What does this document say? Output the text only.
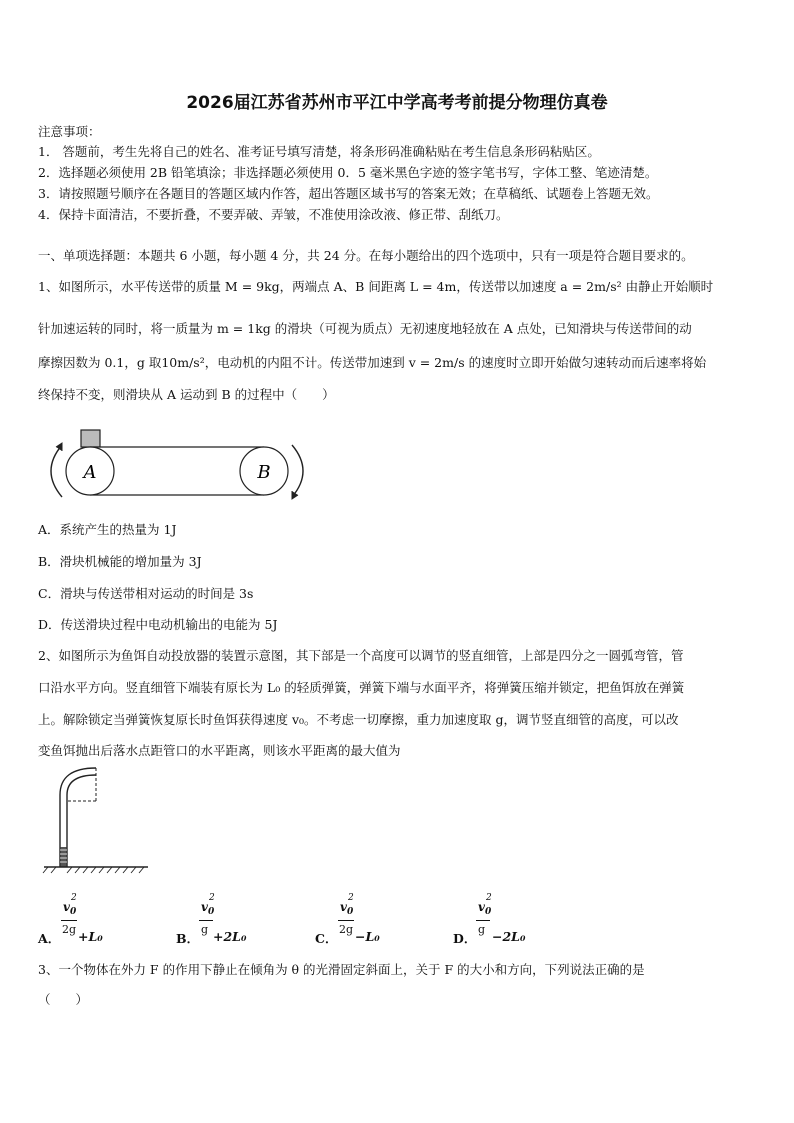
2026届江苏省苏州市平江中学高考考前提分物理仿真卷
注意事项：
1． 答题前，考生先将自己的姓名、准考证号填写清楚，将条形码准确粘贴在考生信息条形码粘贴区。
2．选择题必须使用 2B 铅笔填涂；非选择题必须使用 0．5 毫米黑色字迹的签字笔书写，字体工整、笔迹清楚。
3．请按照题号顺序在各题目的答题区域内作答，超出答题区域书写的答案无效；在草稿纸、试题卷上答题无效。
4．保持卡面清洁，不要折叠，不要弄破、弄皱，不准使用涂改液、修正带、刮纸刀。
一、单项选择题：本题共 6 小题，每小题 4 分，共 24 分。在每小题给出的四个选项中，只有一项是符合题目要求的。
1、如图所示，水平传送带的质量 M = 9kg，两端点 A、B 间距离 L = 4m，传送带以加速度 a = 2m/s² 由静止开始顺时
针加速运转的同时，将一质量为 m = 1kg 的滑块（可视为质点）无初速度地轻放在 A 点处，已知滑块与传送带间的动
摩擦因数为 0.1，g 取10m/s²，电动机的内阻不计。传送带加速到 v = 2m/s 的速度时立即开始做匀速转动而后速率将始
终保持不变，则滑块从 A 运动到 B 的过程中（　　）
A	B
A．系统产生的热量为 1J
B．滑块机械能的增加量为 3J
C．滑块与传送带相对运动的时间是 3s
D．传送滑块过程中电动机输出的电能为 5J
2、如图所示为鱼饵自动投放器的装置示意图，其下部是一个高度可以调节的竖直细管，上部是四分之一圆弧弯管，管
口沿水平方向。竖直细管下端装有原长为 L₀ 的轻质弹簧，弹簧下端与水面平齐，将弹簧压缩并锁定，把鱼饵放在弹簧
上。解除锁定当弹簧恢复原长时鱼饵获得速度 v₀。不考虑一切摩擦，重力加速度取 g，调节竖直细管的高度，可以改
变鱼饵抛出后落水点距管口的水平距离，则该水平距离的最大值为
A．
2
v 0
2g +L₀	B．
2
v 0
g +2L₀	C．
2
v 0
2g −L₀	D．
2
v 0
g −2L₀
3、一个物体在外力 F 的作用下静止在倾角为 θ 的光滑固定斜面上，关于 F 的大小和方向，下列说法正确的是
（　　）
